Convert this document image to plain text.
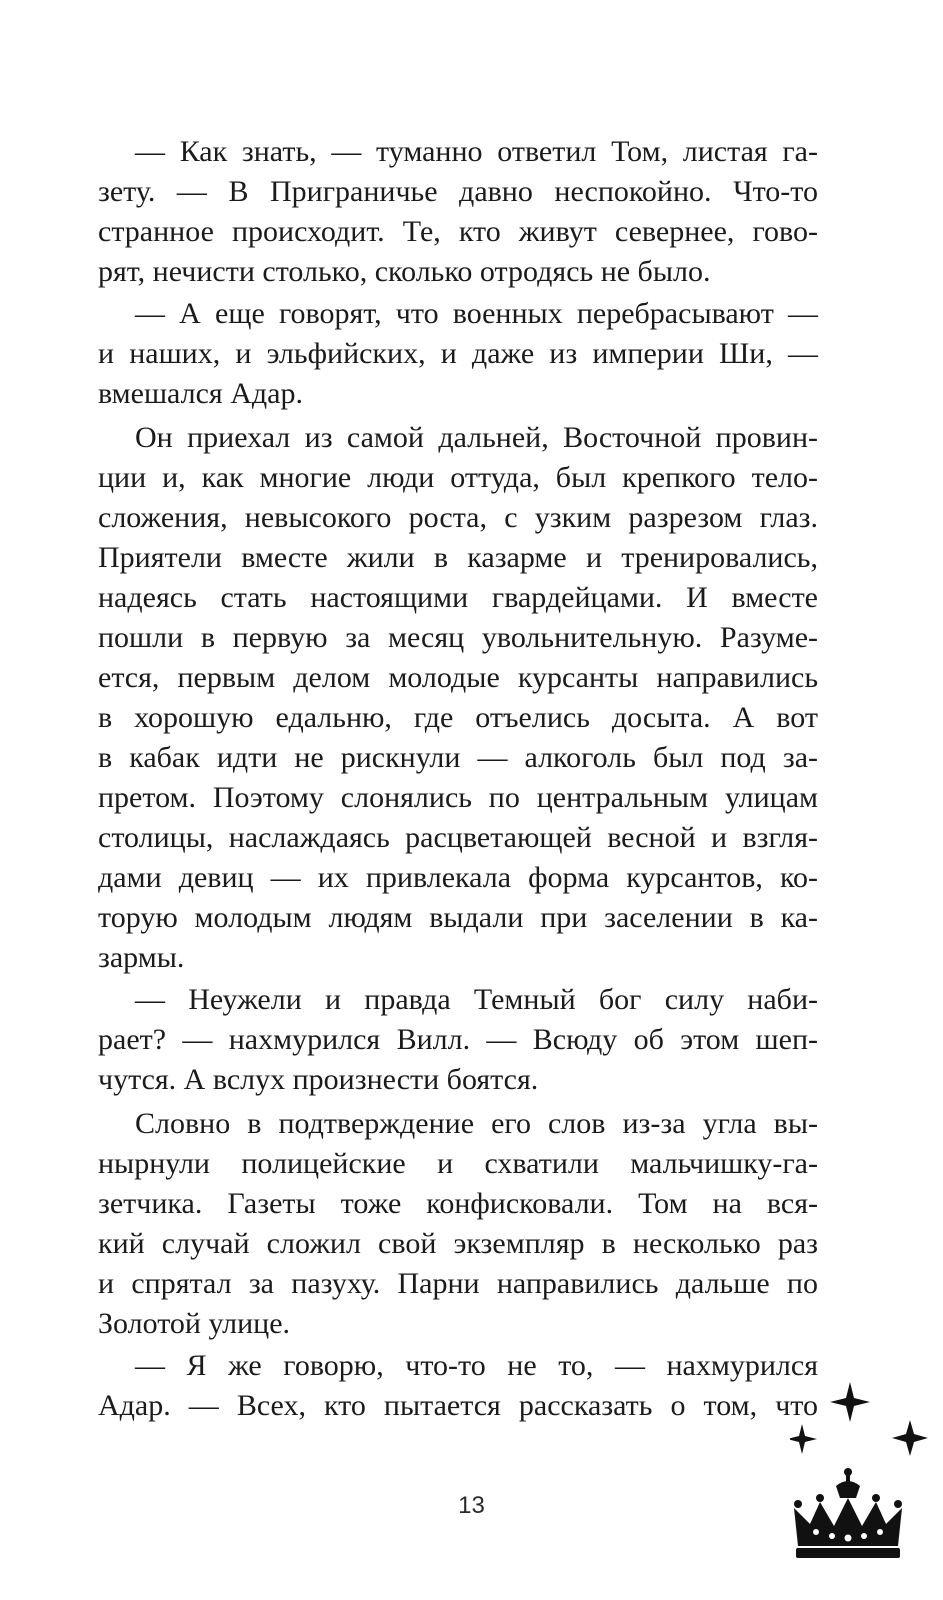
— Как знать, — туманно ответил Том, листая га-
зету. — В Приграничье давно неспокойно. Что-то
странное происходит. Те, кто живут севернее, гово-
рят, нечисти столько, сколько отродясь не было.
— А еще говорят, что военных перебрасывают —
и наших, и эльфийских, и даже из империи Ши, —
вмешался Адар.
Он приехал из самой дальней, Восточной провин-
ции и, как многие люди оттуда, был крепкого тело-
сложения, невысокого роста, с узким разрезом глаз.
Приятели вместе жили в казарме и тренировались,
надеясь стать настоящими гвардейцами. И вместе
пошли в первую за месяц увольнительную. Разуме-
ется, первым делом молодые курсанты направились
в хорошую едальню, где отъелись досыта. А вот
в кабак идти не рискнули — алкоголь был под за-
претом. Поэтому слонялись по центральным улицам
столицы, наслаждаясь расцветающей весной и взгля-
дами девиц — их привлекала форма курсантов, ко-
торую молодым людям выдали при заселении в ка-
зармы.
— Неужели и правда Темный бог силу наби-
рает? — нахмурился Вилл. — Всюду об этом шеп-
чутся. А вслух произнести боятся.
Словно в подтверждение его слов из-за угла вы-
нырнули полицейские и схватили мальчишку-га-
зетчика. Газеты тоже конфисковали. Том на вся-
кий случай сложил свой экземпляр в несколько раз
и спрятал за пазуху. Парни направились дальше по
Золотой улице.
— Я же говорю, что-то не то, — нахмурился
Адар. — Всех, кто пытается рассказать о том, что
13
